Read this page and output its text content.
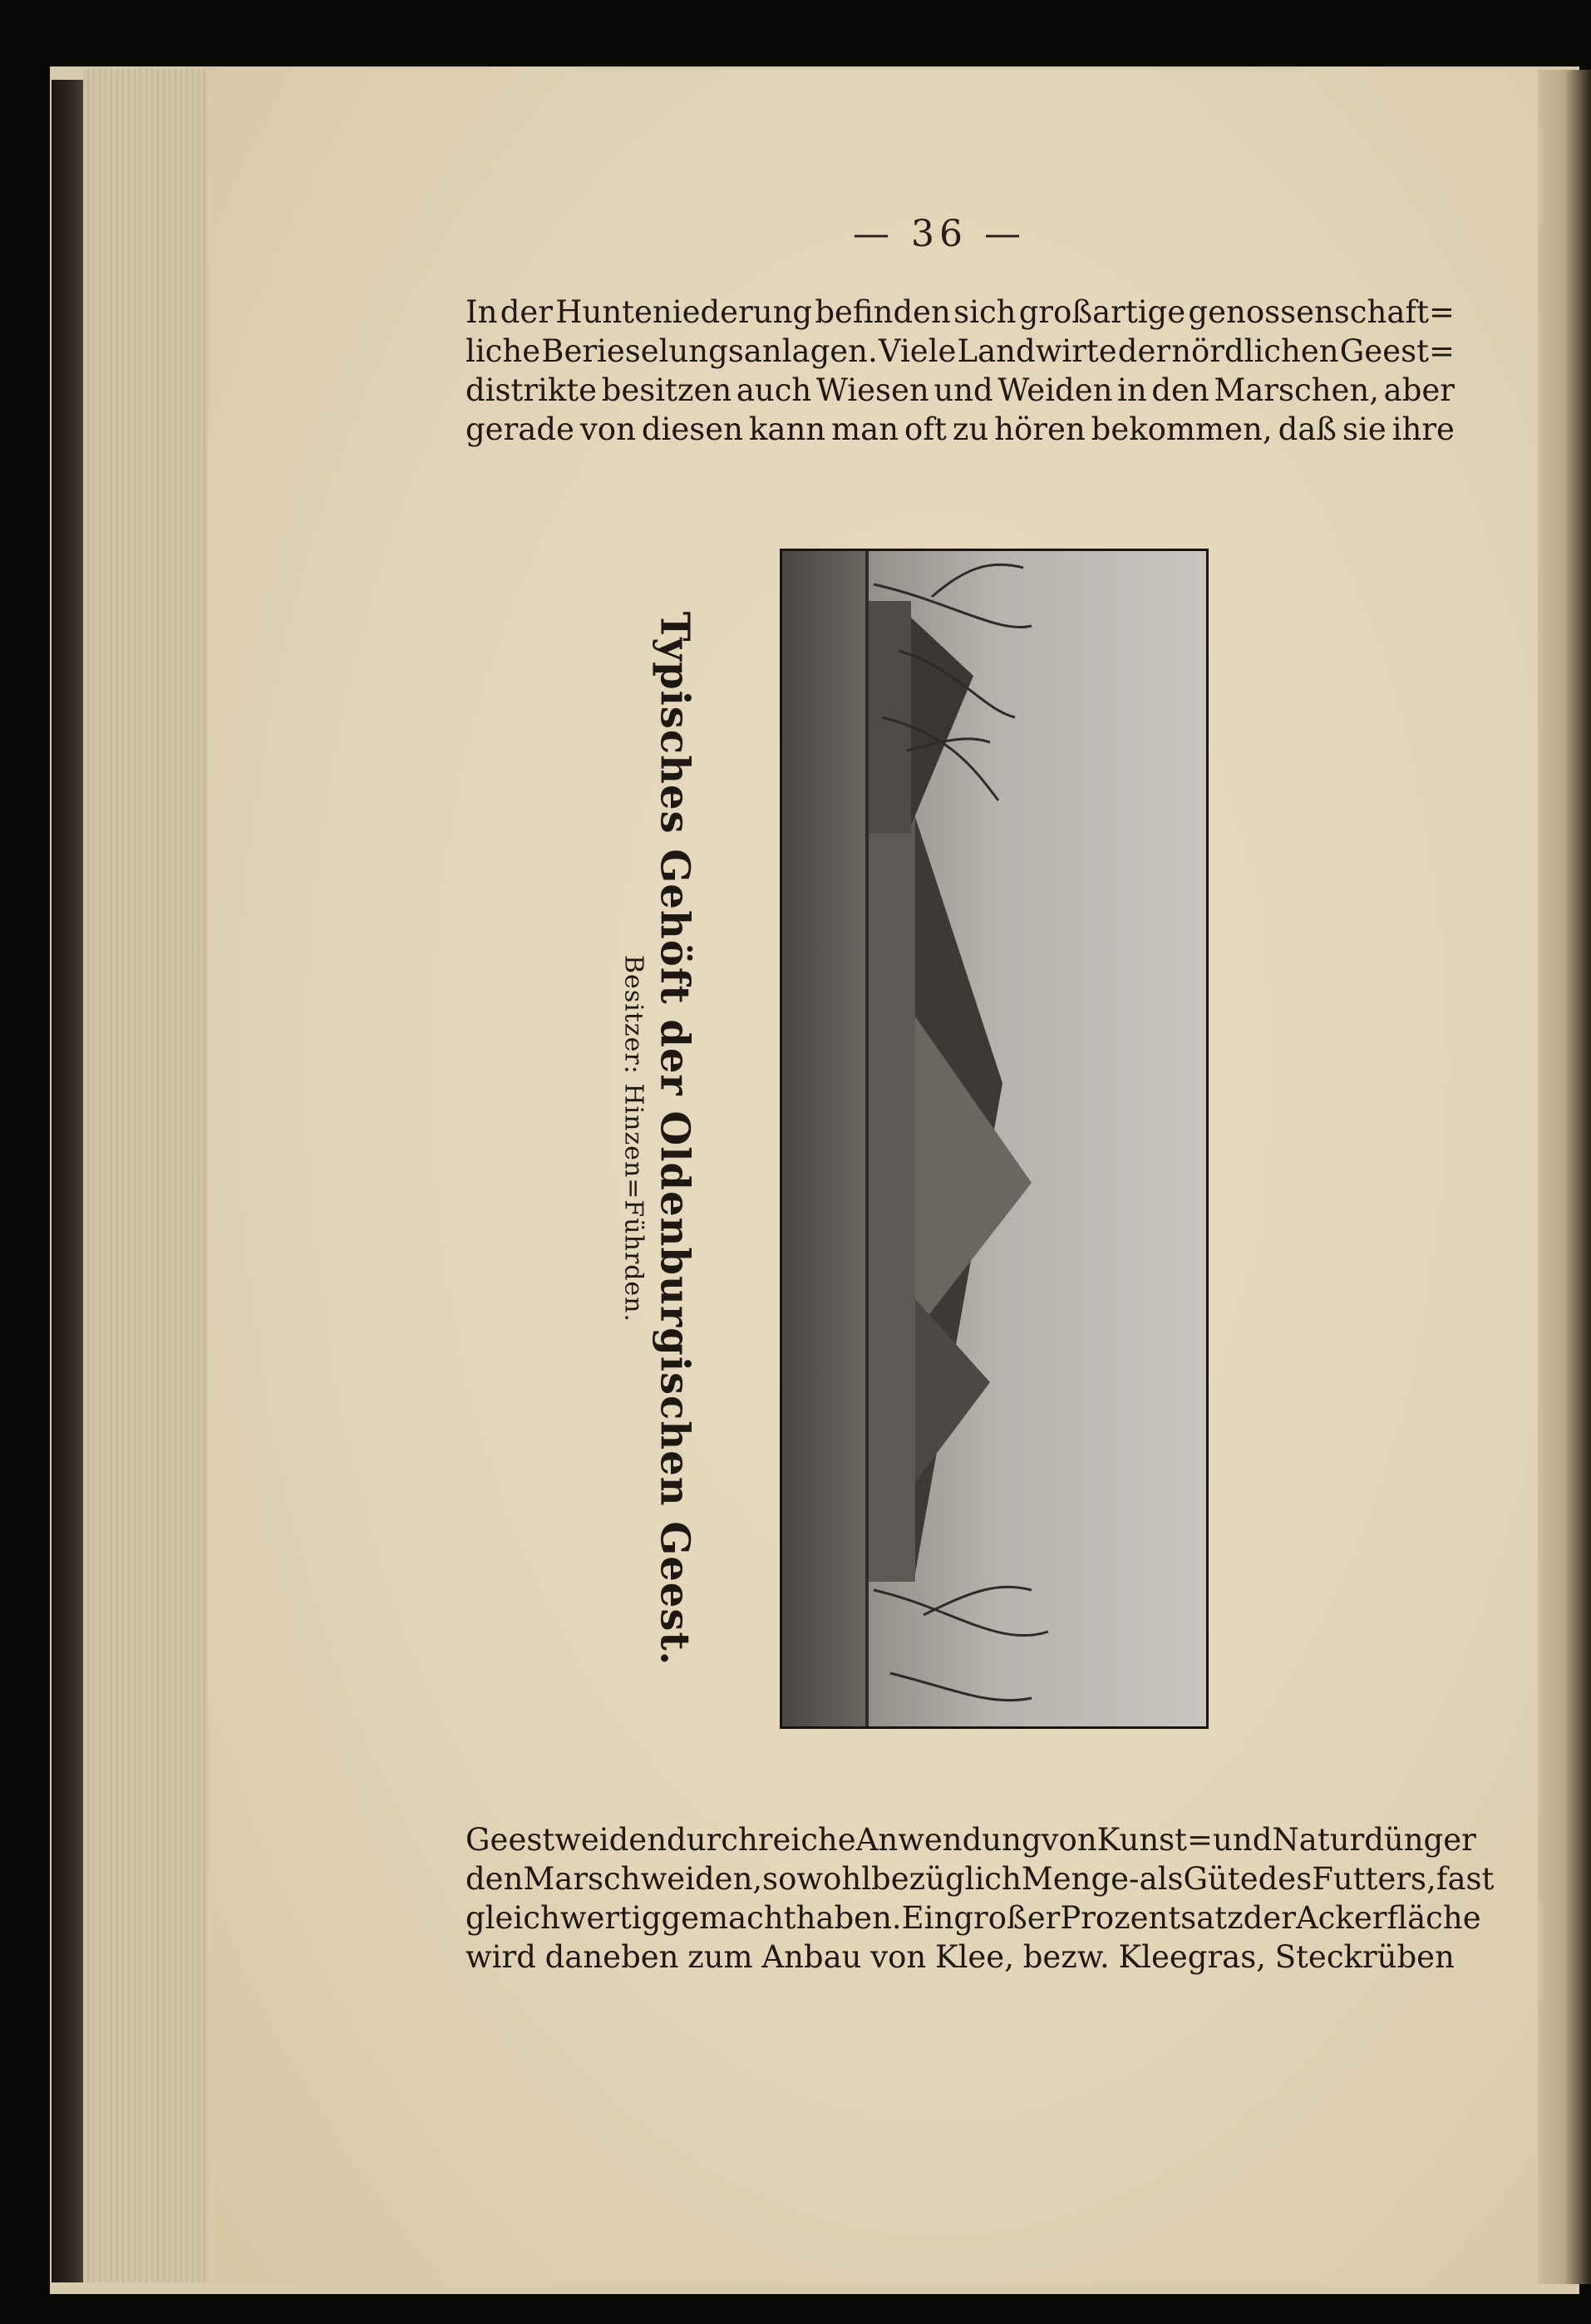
— 36 —
In der Hunteniederung befinden sich großartige genossenschaft=
liche Berieselungsanlagen. Viele Landwirte der nördlichen Geest=
distrikte besitzen auch Wiesen und Weiden in den Marschen, aber
gerade von diesen kann man oft zu hören bekommen, daß sie ihre
Typisches Gehöft der Oldenburgischen Geest.
Besitzer: Hinzen=Führden.
Geestweiden durch reiche Anwendung von Kunst= und Naturdünger
den Marschweiden, sowohl bezüglich Menge- als Güte des Futters, fast
gleichwertig gemacht haben. Ein großer Prozentsatz der Ackerfläche
wird daneben zum Anbau von Klee, bezw. Kleegras, Steckrüben
